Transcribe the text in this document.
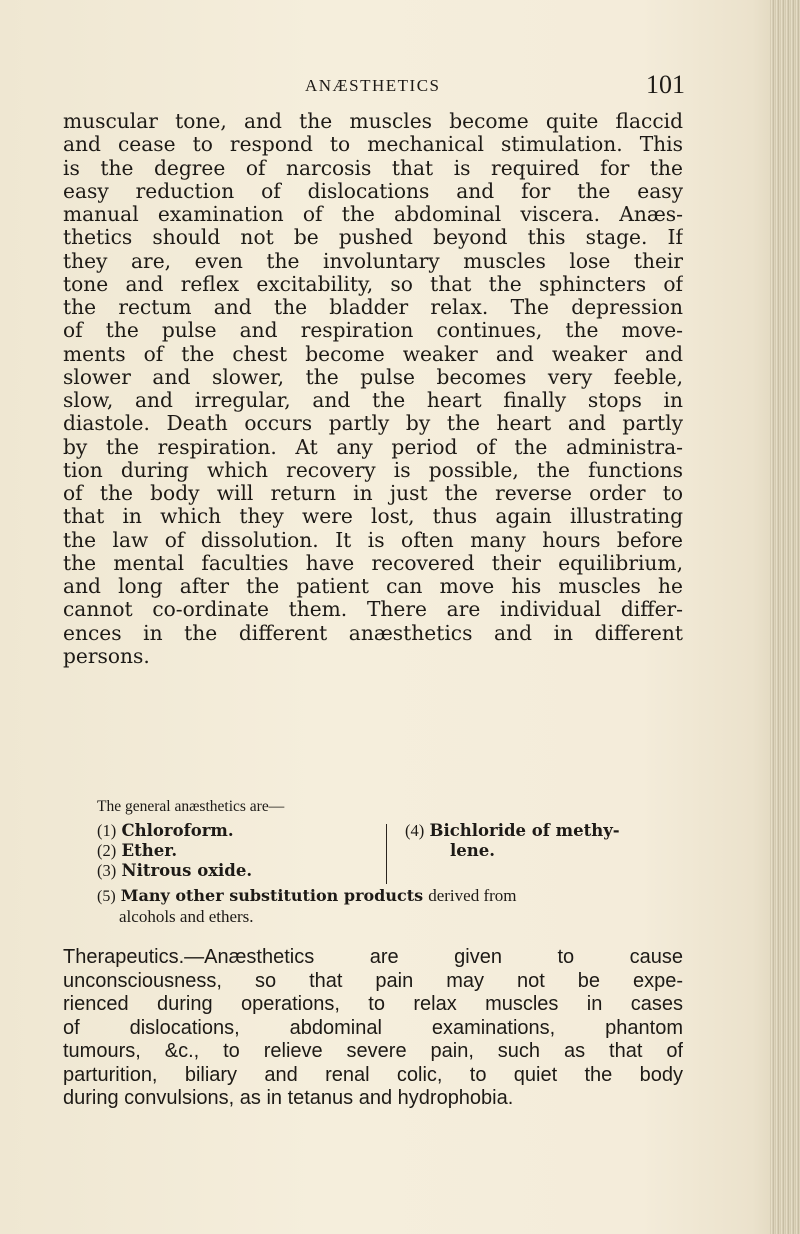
ANÆSTHETICS	101
muscular tone, and the muscles become quite flaccid
and cease to respond to mechanical stimulation. This
is the degree of narcosis that is required for the
easy reduction of dislocations and for the easy
manual examination of the abdominal viscera. Anæs-
thetics should not be pushed beyond this stage. If
they are, even the involuntary muscles lose their
tone and reflex excitability, so that the sphincters of
the rectum and the bladder relax. The depression
of the pulse and respiration continues, the move-
ments of the chest become weaker and weaker and
slower and slower, the pulse becomes very feeble,
slow, and irregular, and the heart finally stops in
diastole. Death occurs partly by the heart and partly
by the respiration. At any period of the administra-
tion during which recovery is possible, the functions
of the body will return in just the reverse order to
that in which they were lost, thus again illustrating
the law of dissolution. It is often many hours before
the mental faculties have recovered their equilibrium,
and long after the patient can move his muscles he
cannot co-ordinate them. There are individual differ-
ences in the different anæsthetics and in different
persons.
The general anæsthetics are—
(1) Chloroform.
(2) Ether.
(3) Nitrous oxide.
(4) Bichloride of methy-
lene.
(5) Many other substitution products derived from
alcohols and ethers.
Therapeutics.—Anæsthetics are given to cause
unconsciousness, so that pain may not be expe-
rienced during operations, to relax muscles in cases
of dislocations, abdominal examinations, phantom
tumours, &c., to relieve severe pain, such as that of
parturition, biliary and renal colic, to quiet the body
during convulsions, as in tetanus and hydrophobia.
